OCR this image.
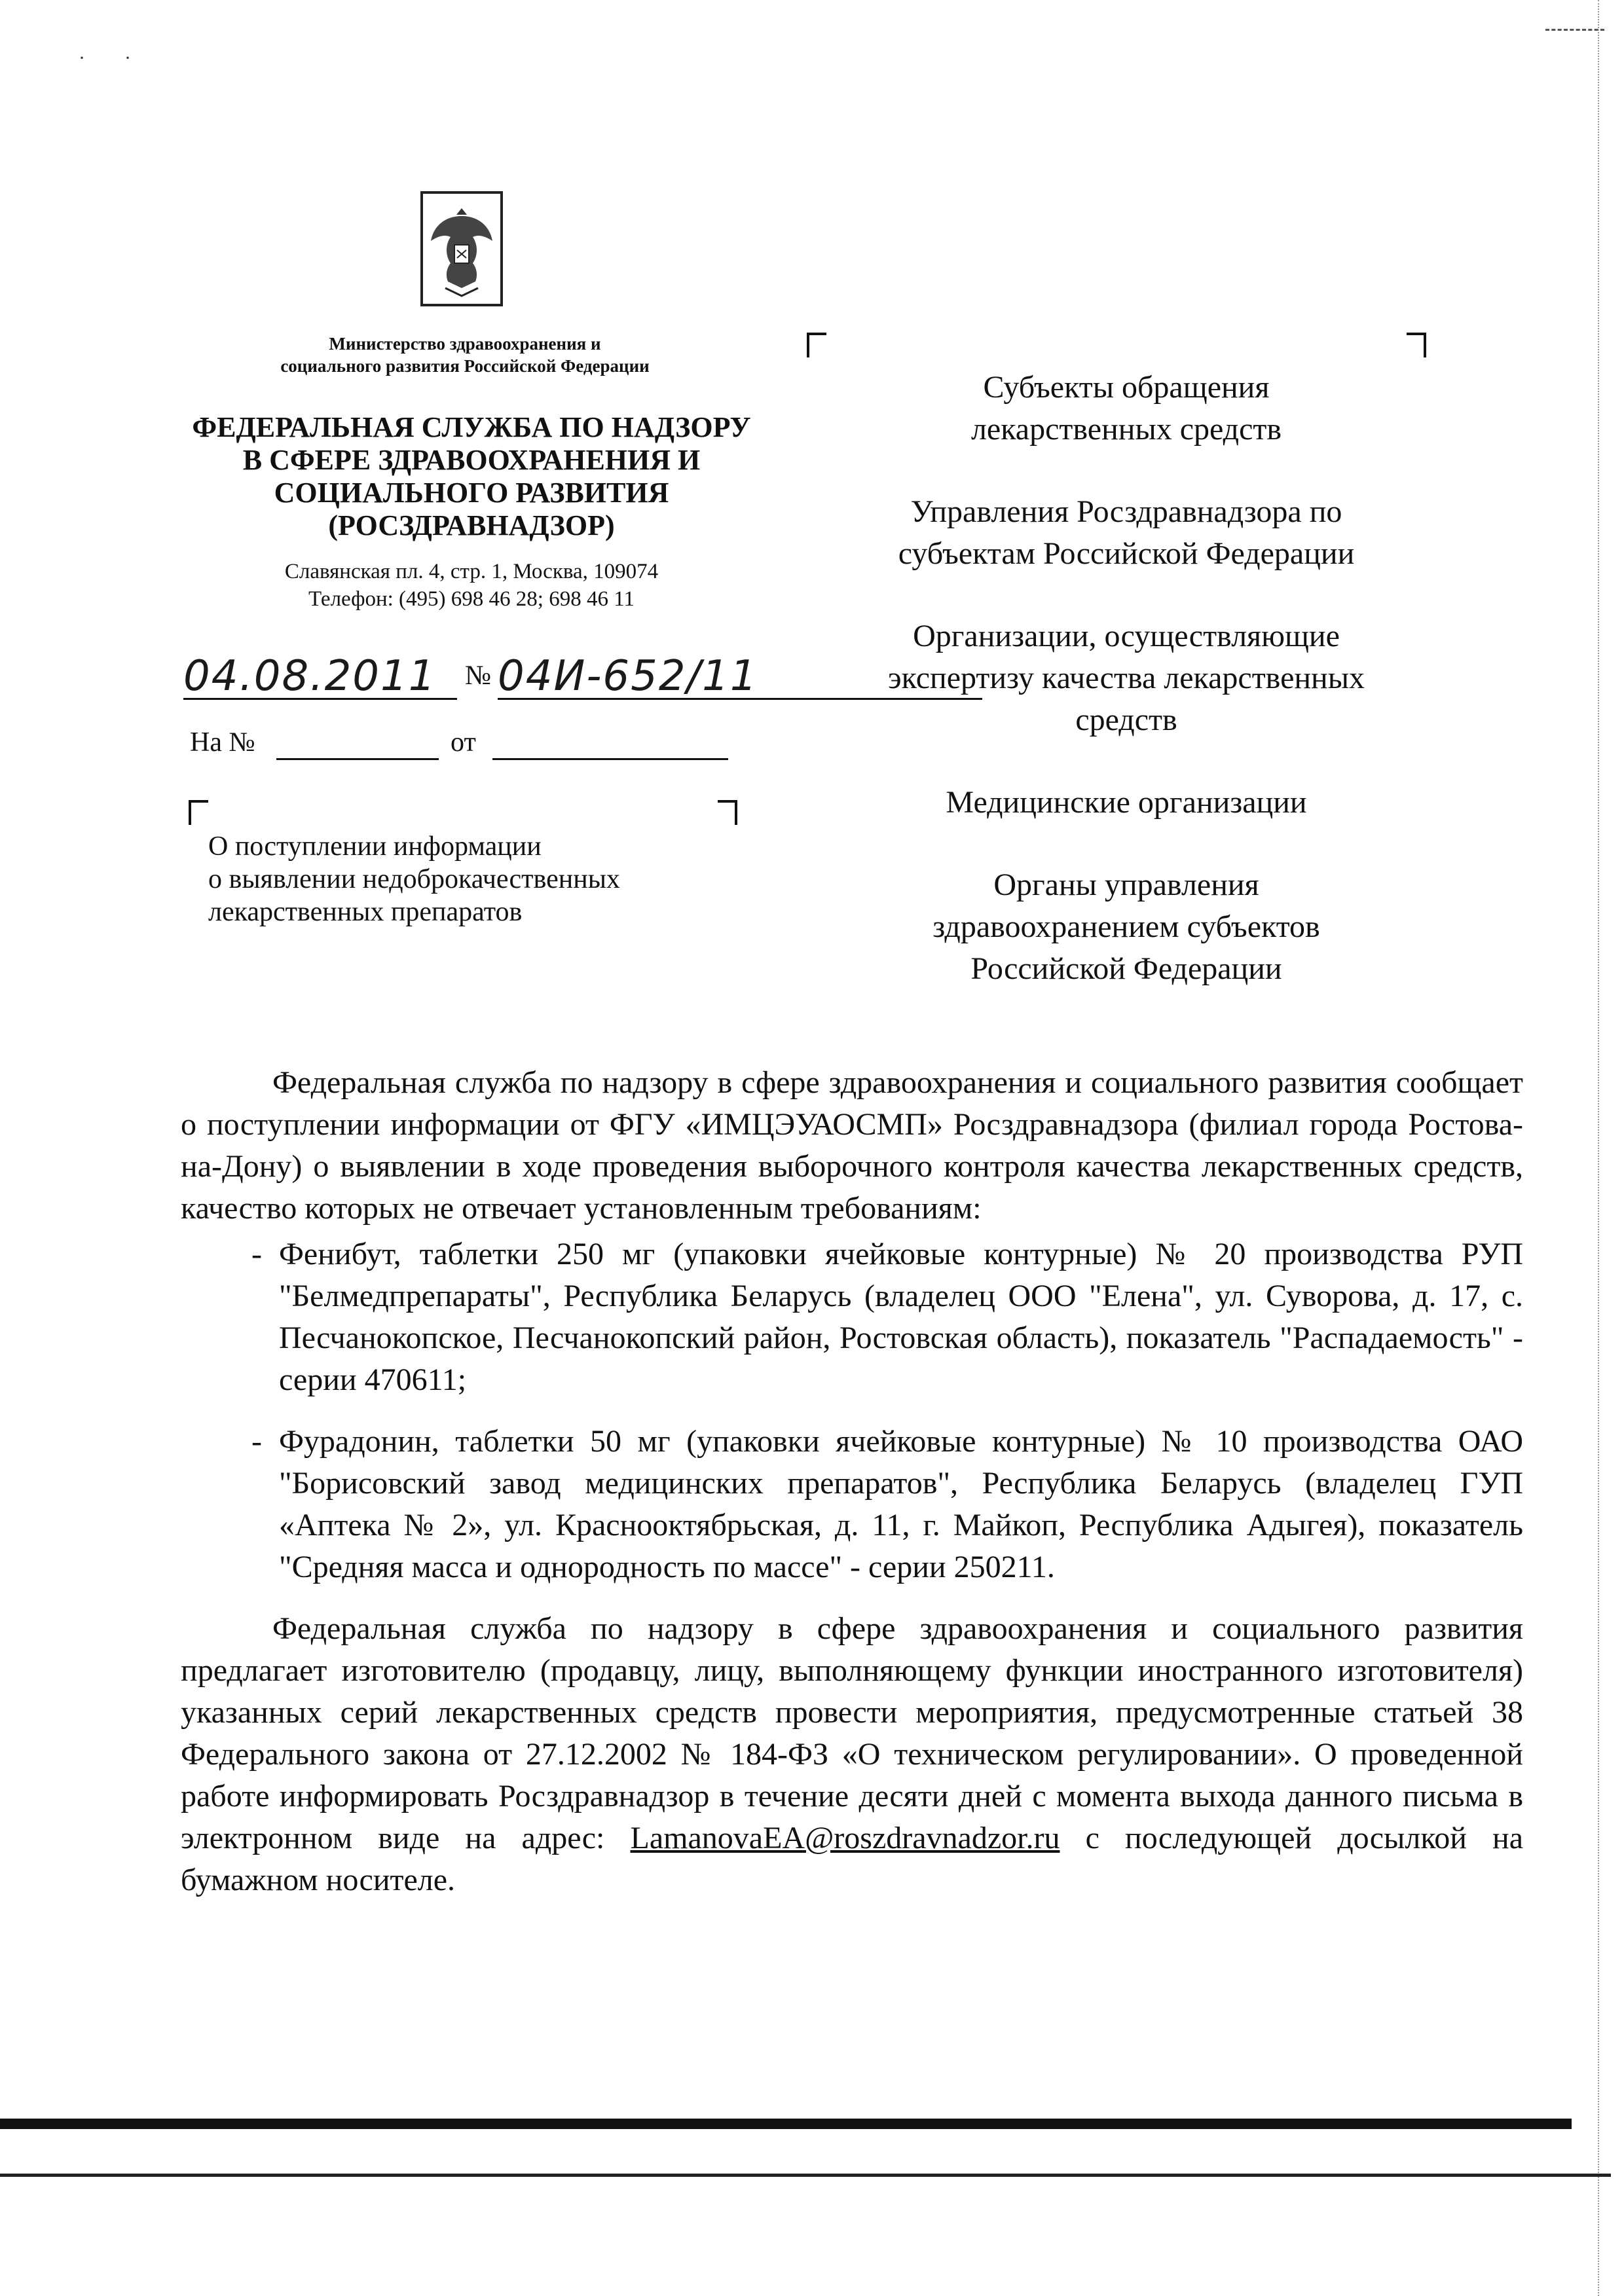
··
Министерство здравоохранения и
социального развития Российской Федерации
ФЕДЕРАЛЬНАЯ СЛУЖБА ПО НАДЗОРУ
В СФЕРЕ ЗДРАВООХРАНЕНИЯ И
СОЦИАЛЬНОГО РАЗВИТИЯ
(РОСЗДРАВНАДЗОР)
Славянская пл. 4, стр. 1, Москва, 109074
Телефон: (495) 698 46 28; 698 46 11
04.08.2011	№ 04И-652/11
На №	от
О поступлении информации
о выявлении недоброкачественных
лекарственных препаратов

Субъекты обращения
лекарственных средств

Управления Росздравнадзора по
субъектам Российской Федерации

Организации, осуществляющие
экспертизу качества лекарственных
средств

Медицинские организации

Органы управления
здравоохранением субъектов
Российской Федерации

Федеральная служба по надзору в сфере здравоохранения и социального развития сообщает о поступлении информации от ФГУ «ИМЦЭУАОСМП» Росздравнадзора (филиал города Ростова-на-Дону) о выявлении в ходе проведения выборочного контроля качества лекарственных средств, качество которых не отвечает установленным требованиям:

- Фенибут, таблетки 250 мг (упаковки ячейковые контурные) № 20 производства РУП "Белмедпрепараты", Республика Беларусь (владелец ООО "Елена", ул. Суворова, д. 17, с. Песчанокопское, Песчанокопский район, Ростовская область), показатель "Распадаемость" - серии 470611;
- Фурадонин, таблетки 50 мг (упаковки ячейковые контурные) № 10 производства ОАО "Борисовский завод медицинских препаратов", Республика Беларусь (владелец ГУП «Аптека № 2», ул. Краснооктябрьская, д. 11, г. Майкоп, Республика Адыгея), показатель "Средняя масса и однородность по массе" - серии 250211.

Федеральная служба по надзору в сфере здравоохранения и социального развития предлагает изготовителю (продавцу, лицу, выполняющему функции иностранного изготовителя) указанных серий лекарственных средств провести мероприятия, предусмотренные статьей 38 Федерального закона от 27.12.2002 № 184-ФЗ «О техническом регулировании». О проведенной работе информировать Росздравнадзор в течение десяти дней с момента выхода данного письма в электронном виде на адрес: LamanovaEA@roszdravnadzor.ru с последующей досылкой на бумажном носителе.
